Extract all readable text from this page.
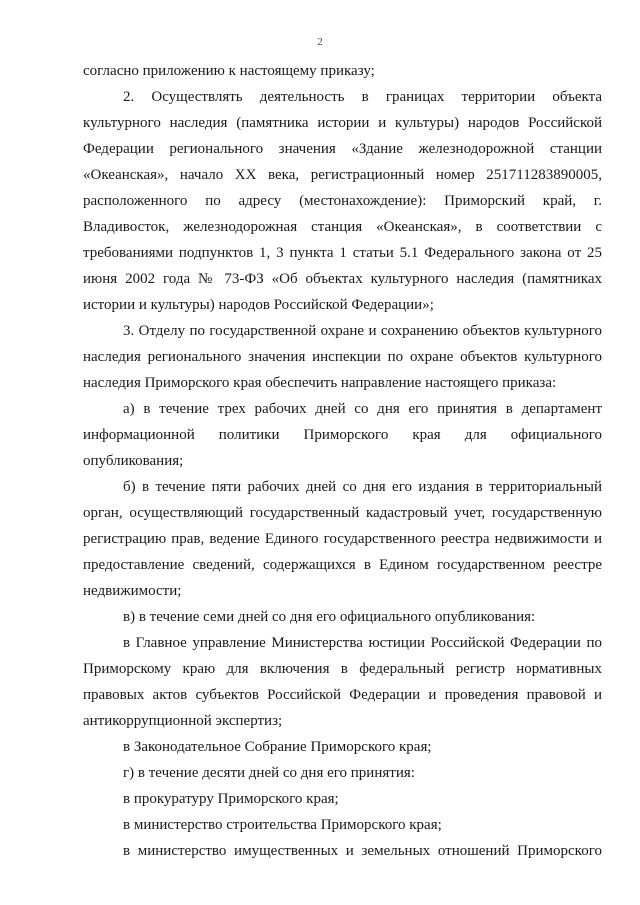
2

согласно приложению к настоящему приказу;

2. Осуществлять деятельность в границах территории объекта культурного наследия (памятника истории и культуры) народов Российской Федерации регионального значения «Здание железнодорожной станции «Океанская», начало XX века, регистрационный номер 251711283890005, расположенного по адресу (местонахождение): Приморский край, г. Владивосток, железнодорожная станция «Океанская», в соответствии с требованиями подпунктов 1, 3 пункта 1 статьи 5.1 Федерального закона от 25 июня 2002 года № 73-ФЗ «Об объектах культурного наследия (памятниках истории и культуры) народов Российской Федерации»;

3. Отделу по государственной охране и сохранению объектов культурного наследия регионального значения инспекции по охране объектов культурного наследия Приморского края обеспечить направление настоящего приказа:

а) в течение трех рабочих дней со дня его принятия в департамент информационной политики Приморского края для официального опубликования;

б) в течение пяти рабочих дней со дня его издания в территориальный орган, осуществляющий государственный кадастровый учет, государственную регистрацию прав, ведение Единого государственного реестра недвижимости и предоставление сведений, содержащихся в Едином государственном реестре недвижимости;

в) в течение семи дней со дня его официального опубликования:

в Главное управление Министерства юстиции Российской Федерации по Приморскому краю для включения в федеральный регистр нормативных правовых актов субъектов Российской Федерации и проведения правовой и антикоррупционной экспертиз;

в Законодательное Собрание Приморского края;

г) в течение десяти дней со дня его принятия:

в прокуратуру Приморского края;

в министерство строительства Приморского края;

в министерство имущественных и земельных отношений Приморского
